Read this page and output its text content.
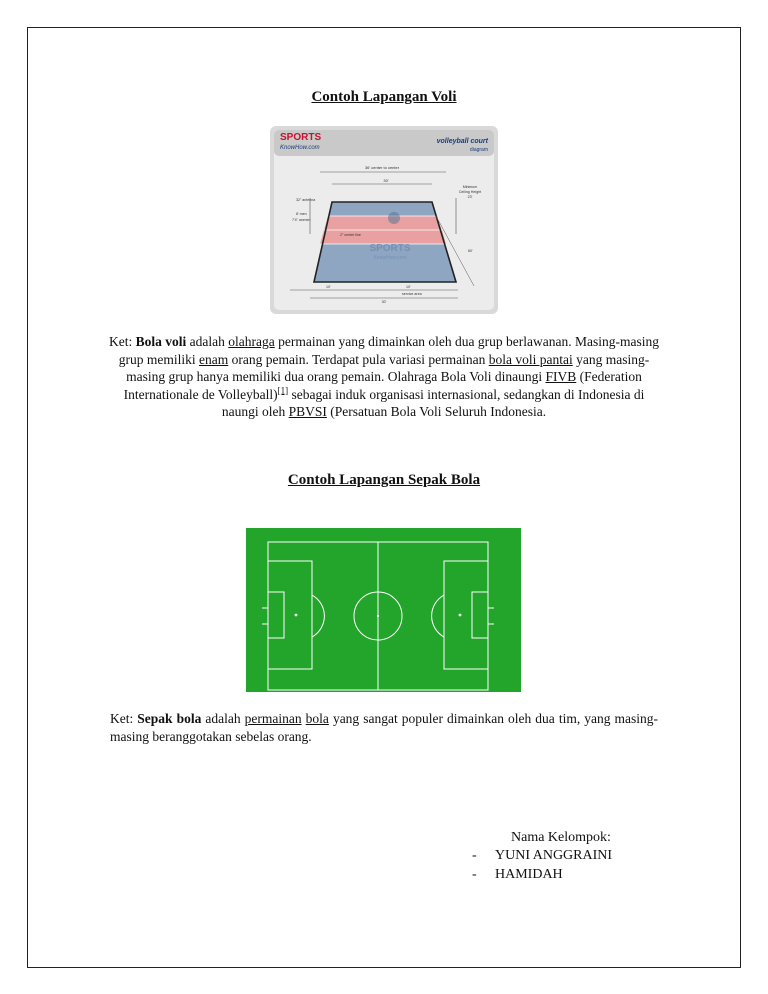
Contoh Lapangan Voli
SPORTS
KnowHow.com
volleyball court
diagram
36' center to center
30'
32" antenna
8' men
7'4" women
Minimum
Ceiling Height
23'
2" center line
SPORTS
KnowHow.com
60'
10'
service area
30'
10'
Ket: Bola voli adalah olahraga permainan yang dimainkan oleh dua grup berlawanan. Masing-masing grup memiliki enam orang pemain. Terdapat pula variasi permainan bola voli pantai yang masing-masing grup hanya memiliki dua orang pemain. Olahraga Bola Voli dinaungi FIVB (Federation Internationale de Volleyball)[1] sebagai induk organisasi internasional, sedangkan di Indonesia di naungi oleh PBVSI (Persatuan Bola Voli Seluruh Indonesia.
Contoh Lapangan Sepak Bola
Ket: Sepak bola adalah permainan bola yang sangat populer dimainkan oleh dua tim, yang masing-masing beranggotakan sebelas orang.
Nama Kelompok:
- YUNI ANGGRAINI
- HAMIDAH
